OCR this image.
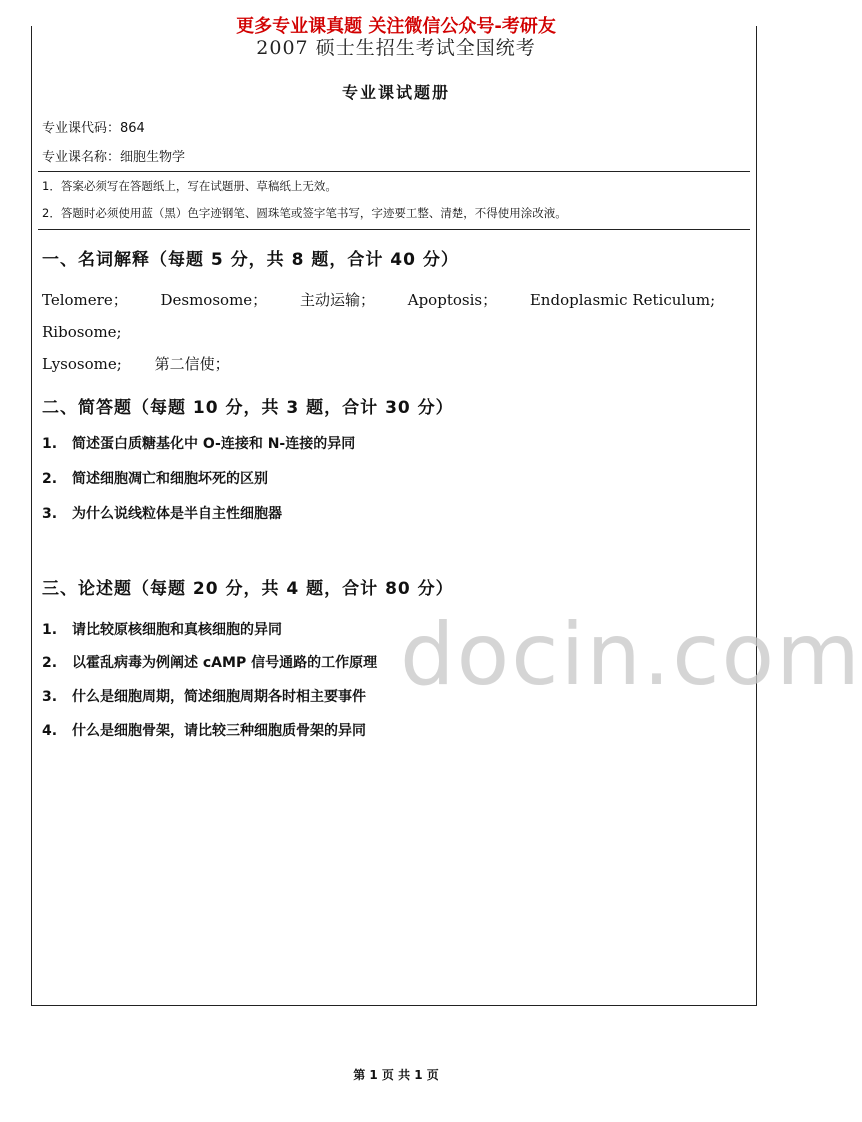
更多专业课真题 关注微信公众号-考研友
2007 硕士生招生考试全国统考
专业课试题册
专业课代码：864
专业课名称：细胞生物学
1．答案必须写在答题纸上，写在试题册、草稿纸上无效。
2．答题时必须使用蓝（黑）色字迹钢笔、圆珠笔或签字笔书写，字迹要工整、清楚，不得使用涂改液。
一、名词解释（每题 5 分，共 8 题，合计 40 分）
Telomere； Desmosome； 主动运输； Apoptosis； Endoplasmic Reticulum; Ribosome;
Lysosome; 第二信使；
二、简答题（每题 10 分，共 3 题，合计 30 分）
1. 简述蛋白质糖基化中 O-连接和 N-连接的异同
2. 简述细胞凋亡和细胞坏死的区别
3. 为什么说线粒体是半自主性细胞器
三、论述题（每题 20 分，共 4 题，合计 80 分）
1. 请比较原核细胞和真核细胞的异同
2. 以霍乱病毒为例阐述 cAMP 信号通路的工作原理
3. 什么是细胞周期，简述细胞周期各时相主要事件
4. 什么是细胞骨架，请比较三种细胞质骨架的异同
docin.com
第 1 页 共 1 页
